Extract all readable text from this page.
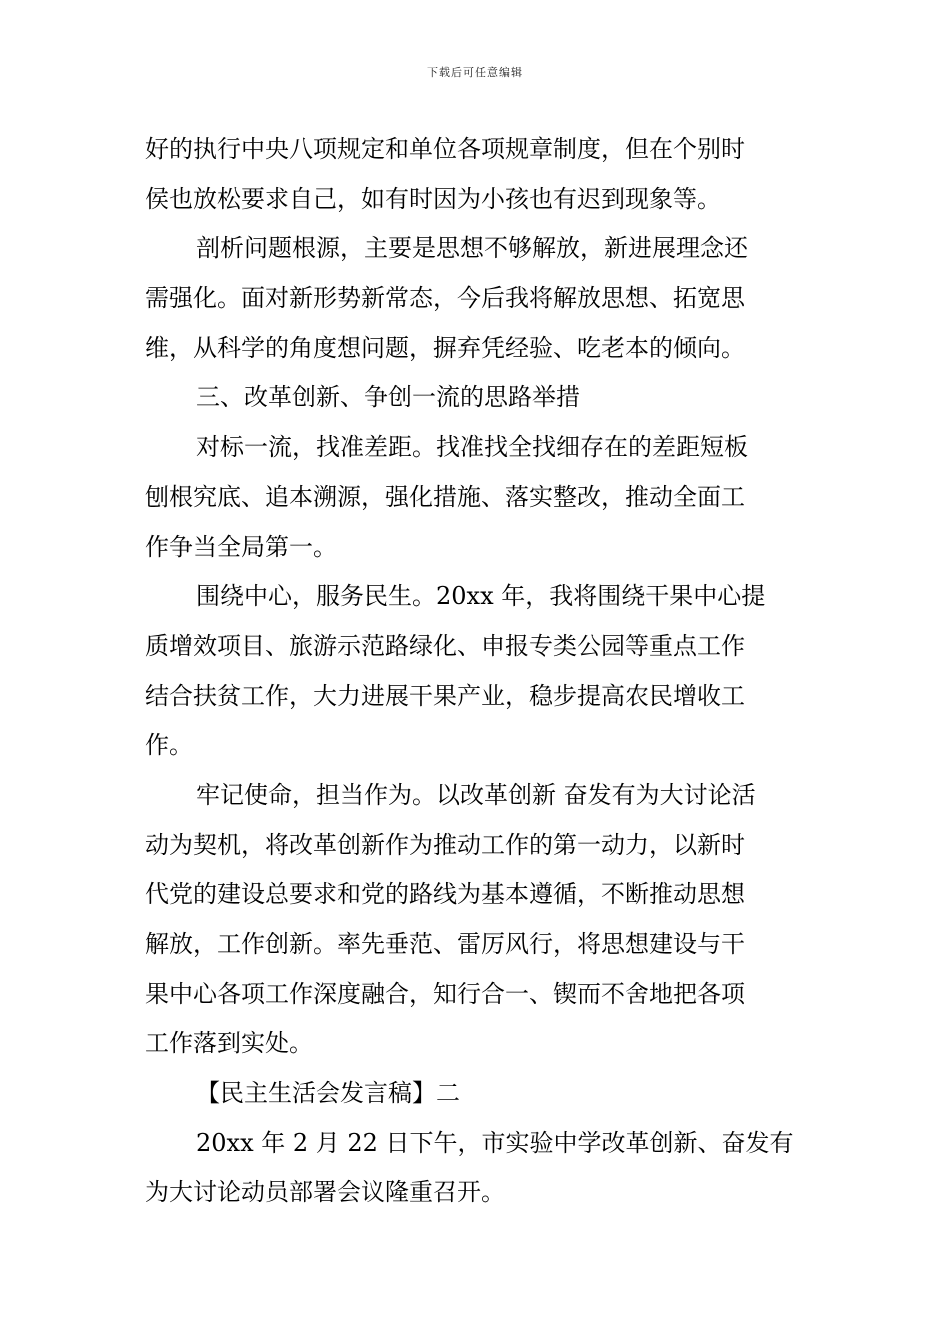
下载后可任意编辑
好的执行中央八项规定和单位各项规章制度，但在个别时
侯也放松要求自己，如有时因为小孩也有迟到现象等。
剖析问题根源，主要是思想不够解放，新进展理念还
需强化。面对新形势新常态，今后我将解放思想、拓宽思
维，从科学的角度想问题，摒弃凭经验、吃老本的倾向。
三、改革创新、争创一流的思路举措
对标一流，找准差距。找准找全找细存在的差距短板
刨根究底、追本溯源，强化措施、落实整改，推动全面工
作争当全局第一。
围绕中心，服务民生。20xx 年，我将围绕干果中心提
质增效项目、旅游示范路绿化、申报专类公园等重点工作
结合扶贫工作，大力进展干果产业，稳步提高农民增收工
作。
牢记使命，担当作为。以改革创新 奋发有为大讨论活
动为契机，将改革创新作为推动工作的第一动力，以新时
代党的建设总要求和党的路线为基本遵循，不断推动思想
解放，工作创新。率先垂范、雷厉风行，将思想建设与干
果中心各项工作深度融合，知行合一、锲而不舍地把各项
工作落到实处。
【民主生活会发言稿】二
20xx 年 2 月 22 日下午，市实验中学改革创新、奋发有
为大讨论动员部署会议隆重召开。
